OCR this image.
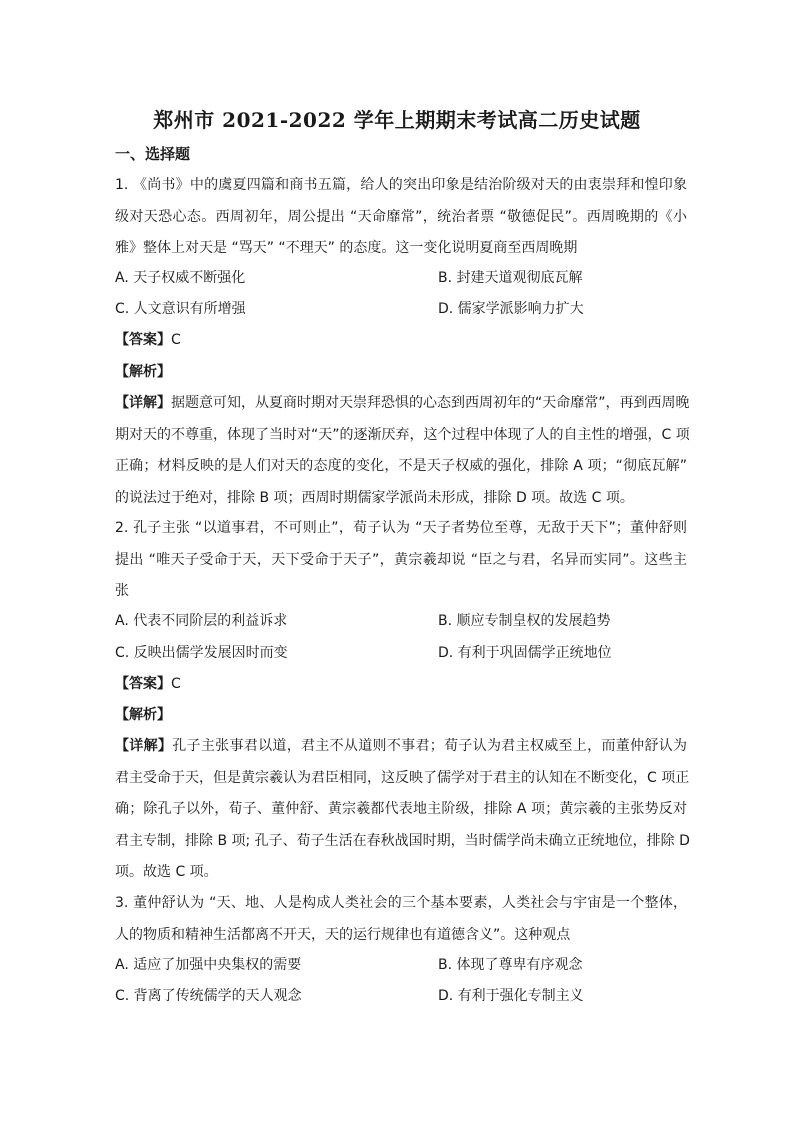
郑州市 2021-2022 学年上期期末考试高二历史试题
一、选择题
1. 《尚书》中的虞夏四篇和商书五篇，给人的突出印象是结治阶级对天的由衷崇拜和惶印象
级对天恐心态。西周初年，周公提出 “天命靡常”，统治者票 “敬德促民”。西周晚期的《小
雅》整体上对天是 “骂天” “不理天” 的态度。这一变化说明夏商至西周晚期
A. 天子权威不断强化	B. 封建天道观彻底瓦解
C. 人文意识有所增强	D. 儒家学派影响力扩大
【答案】C
【解析】
【详解】据题意可知，从夏商时期对天崇拜恐惧的心态到西周初年的“天命靡常”，再到西周晚
期对天的不尊重，体现了当时对“天”的逐渐厌弃，这个过程中体现了人的自主性的增强，C 项
正确；材料反映的是人们对天的态度的变化，不是天子权威的强化，排除 A 项；“彻底瓦解”
的说法过于绝对，排除 B 项；西周时期儒家学派尚未形成，排除 D 项。故选 C 项。
2. 孔子主张 “以道事君，不可则止”，荀子认为 “天子者势位至尊，无敌于天下”；董仲舒则
提出 “唯天子受命于天，天下受命于天子”，黄宗羲却说 “臣之与君，名异而实同”。这些主
张
A. 代表不同阶层的利益诉求	B. 顺应专制皇权的发展趋势
C. 反映出儒学发展因时而变	D. 有利于巩固儒学正统地位
【答案】C
【解析】
【详解】孔子主张事君以道，君主不从道则不事君；荀子认为君主权威至上，而董仲舒认为
君主受命于天，但是黄宗羲认为君臣相同，这反映了儒学对于君主的认知在不断变化，C 项正
确；除孔子以外，荀子、董仲舒、黄宗羲都代表地主阶级，排除 A 项；黄宗羲的主张势反对
君主专制，排除 B 项; 孔子、荀子生活在春秋战国时期，当时儒学尚未确立正统地位，排除 D
项。故选 C 项。
3. 董仲舒认为 “天、地、人是构成人类社会的三个基本要素，人类社会与宇宙是一个整体，
人的物质和精神生活都离不开天，天的运行规律也有道德含义”。这种观点
A. 适应了加强中央集权的需要	B. 体现了尊卑有序观念
C. 背离了传统儒学的天人观念	D. 有利于强化专制主义
